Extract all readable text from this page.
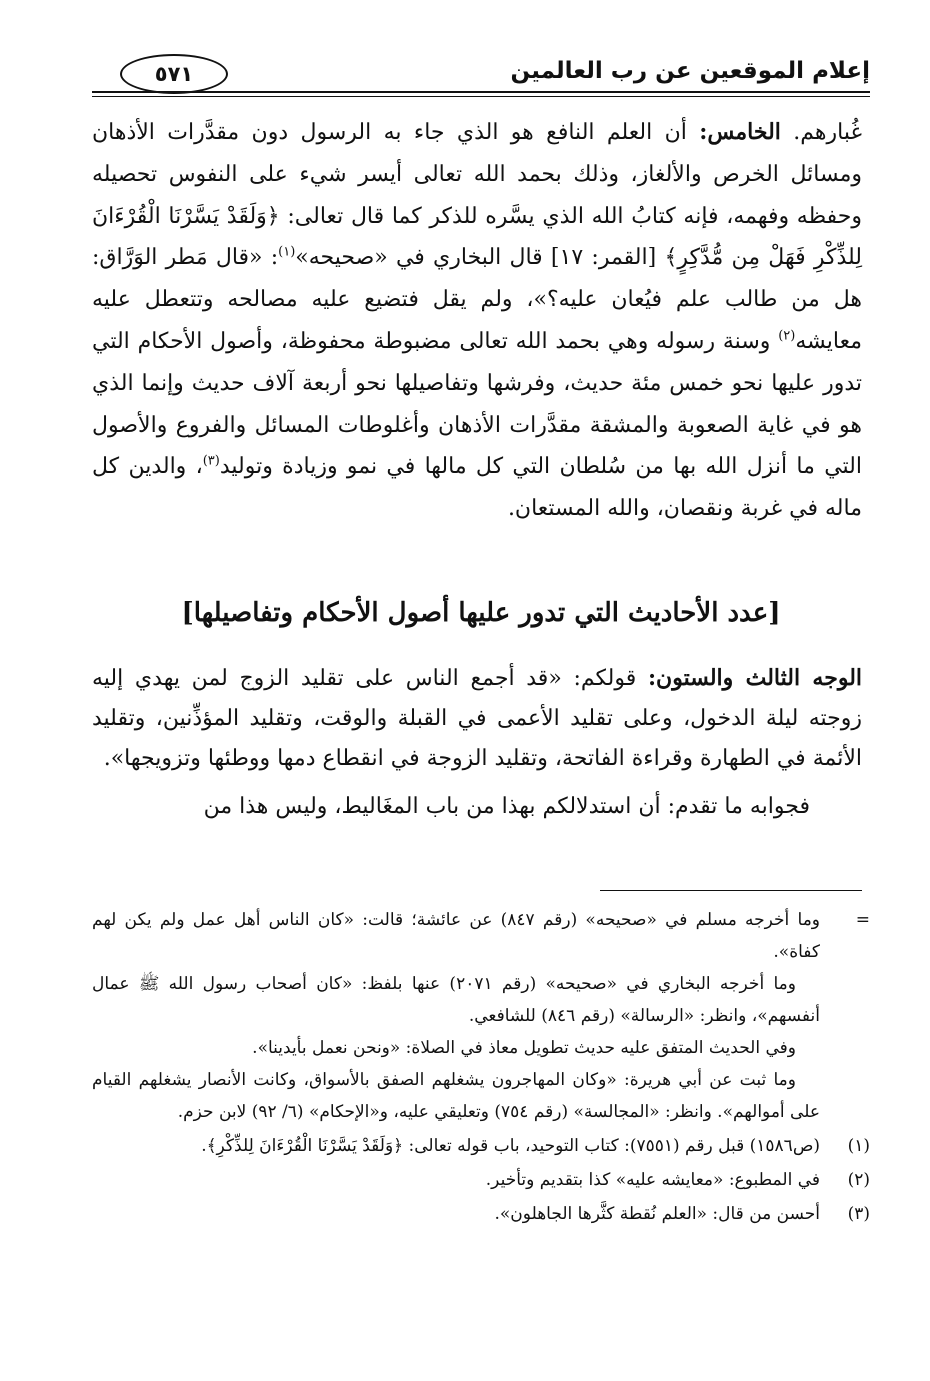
إعلام الموقعين عن رب العالمين
٥٧١

غُبارهم. الخامس: أن العلم النافع هو الذي جاء به الرسول دون مقدَّرات الأذهان ومسائل الخرص والألغاز، وذلك بحمد الله تعالى أيسر شيء على النفوس تحصيله وحفظه وفهمه، فإنه كتابُ الله الذي يسَّره للذكر كما قال تعالى: ﴿وَلَقَدْ يَسَّرْنَا الْقُرْءَانَ لِلذِّكْرِ فَهَلْ مِن مُّدَّكِرٍ﴾ [القمر: ١٧] قال البخاري في «صحيحه»$^{(١)}$: «قال مَطر الوَرَّاق: هل من طالب علم فيُعان عليه؟»، ولم يقل فتضيع عليه مصالحه وتتعطل عليه معايشه$^{(٢)}$ وسنة رسوله وهي بحمد الله تعالى مضبوطة محفوظة، وأصول الأحكام التي تدور عليها نحو خمس مئة حديث، وفرشها وتفاصيلها نحو أربعة آلاف حديث وإنما الذي هو في غاية الصعوبة والمشقة مقدَّرات الأذهان وأغلوطات المسائل والفروع والأصول التي ما أنزل الله بها من سُلطان التي كل مالها في نمو وزيادة وتوليد$^{(٣)}$، والدين كل ماله في غربة ونقصان، والله المستعان.

[عدد الأحاديث التي تدور عليها أصول الأحكام وتفاصيلها]

الوجه الثالث والستون: قولكم: «قد أجمع الناس على تقليد الزوج لمن يهدي إليه زوجته ليلة الدخول، وعلى تقليد الأعمى في القبلة والوقت، وتقليد المؤذِّنين، وتقليد الأئمة في الطهارة وقراءة الفاتحة، وتقليد الزوجة في انقطاع دمها ووطئها وتزويجها».

فجوابه ما تقدم: أن استدلالكم بهذا من باب المغَاليط، وليس هذا من

=

وما أخرجه مسلم في «صحيحه» (رقم ٨٤٧) عن عائشة؛ قالت: «كان الناس أهل عمل ولم يكن لهم كفاة».

وما أخرجه البخاري في «صحيحه» (رقم ٢٠٧١) عنها بلفظ: «كان أصحاب رسول الله ﷺ عمال أنفسهم»، وانظر: «الرسالة» (رقم ٨٤٦) للشافعي.

وفي الحديث المتفق عليه حديث تطويل معاذ في الصلاة: «ونحن نعمل بأيدينا».

وما ثبت عن أبي هريرة: «وكان المهاجرون يشغلهم الصفق بالأسواق، وكانت الأنصار يشغلهم القيام على أموالهم». وانظر: «المجالسة» (رقم ٧٥٤) وتعليقي عليه، و«الإحكام» (٦/ ٩٢) لابن حزم.

(١)

(ص١٥٨٦) قبل رقم (٧٥٥١): كتاب التوحيد، باب قوله تعالى: ﴿وَلَقَدْ يَسَّرْنَا الْقُرْءَانَ لِلذِّكْرِ﴾.

(٢)

في المطبوع: «معايشه عليه» كذا بتقديم وتأخير.

(٣)

أحسن من قال: «العلم نُقطة كثَّرها الجاهلون».
